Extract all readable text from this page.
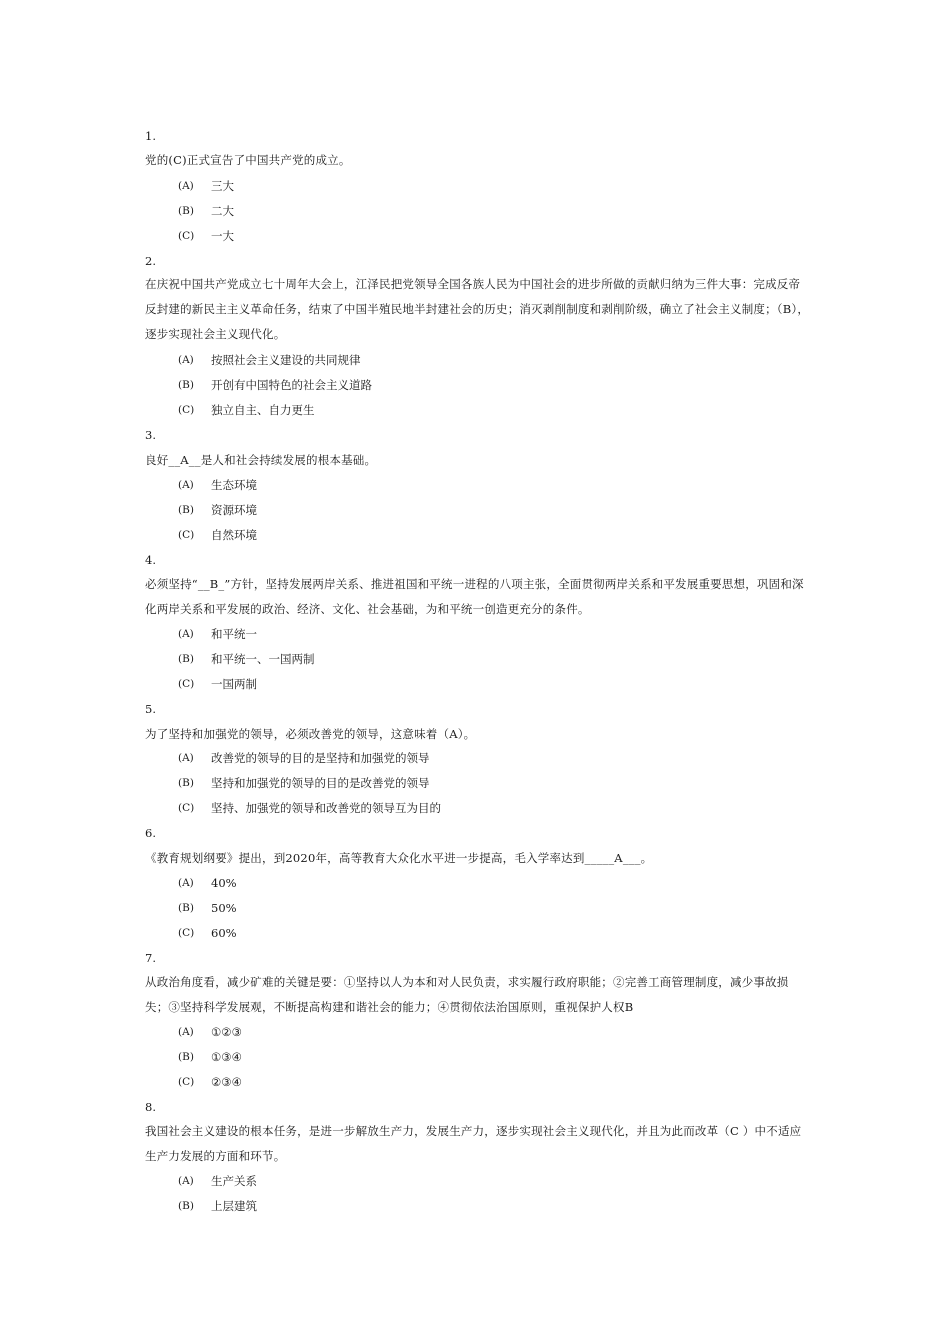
1.
党的(C)正式宣告了中国共产党的成立。
(A) 三大
(B) 二大
(C) 一大
2.
在庆祝中国共产党成立七十周年大会上，江泽民把党领导全国各族人民为中国社会的进步所做的贡献归纳为三件大事：完成反帝反封建的新民主主义革命任务，结束了中国半殖民地半封建社会的历史；消灭剥削制度和剥削阶级，确立了社会主义制度；（B），逐步实现社会主义现代化。
(A) 按照社会主义建设的共同规律
(B) 开创有中国特色的社会主义道路
(C) 独立自主、自力更生
3.
良好__A__是人和社会持续发展的根本基础。
(A) 生态环境
(B) 资源环境
(C) 自然环境
4.
必须坚持“__B_”方针，坚持发展两岸关系、推进祖国和平统一进程的八项主张，全面贯彻两岸关系和平发展重要思想，巩固和深化两岸关系和平发展的政治、经济、文化、社会基础，为和平统一创造更充分的条件。
(A) 和平统一
(B) 和平统一、一国两制
(C) 一国两制
5.
为了坚持和加强党的领导，必须改善党的领导，这意味着（A）。
(A) 改善党的领导的目的是坚持和加强党的领导
(B) 坚持和加强党的领导的目的是改善党的领导
(C) 坚持、加强党的领导和改善党的领导互为目的
6.
《教育规划纲要》提出，到2020年，高等教育大众化水平进一步提高，毛入学率达到_____A___。
(A) 40%
(B) 50%
(C) 60%
7.
从政治角度看，减少矿难的关键是要：①坚持以人为本和对人民负责，求实履行政府职能；②完善工商管理制度，减少事故损失；③坚持科学发展观，不断提高构建和谐社会的能力；④贯彻依法治国原则，重视保护人权B
(A) ①②③
(B) ①③④
(C) ②③④
8.
我国社会主义建设的根本任务，是进一步解放生产力，发展生产力，逐步实现社会主义现代化，并且为此而改革（C ）中不适应生产力发展的方面和环节。
(A) 生产关系
(B) 上层建筑
